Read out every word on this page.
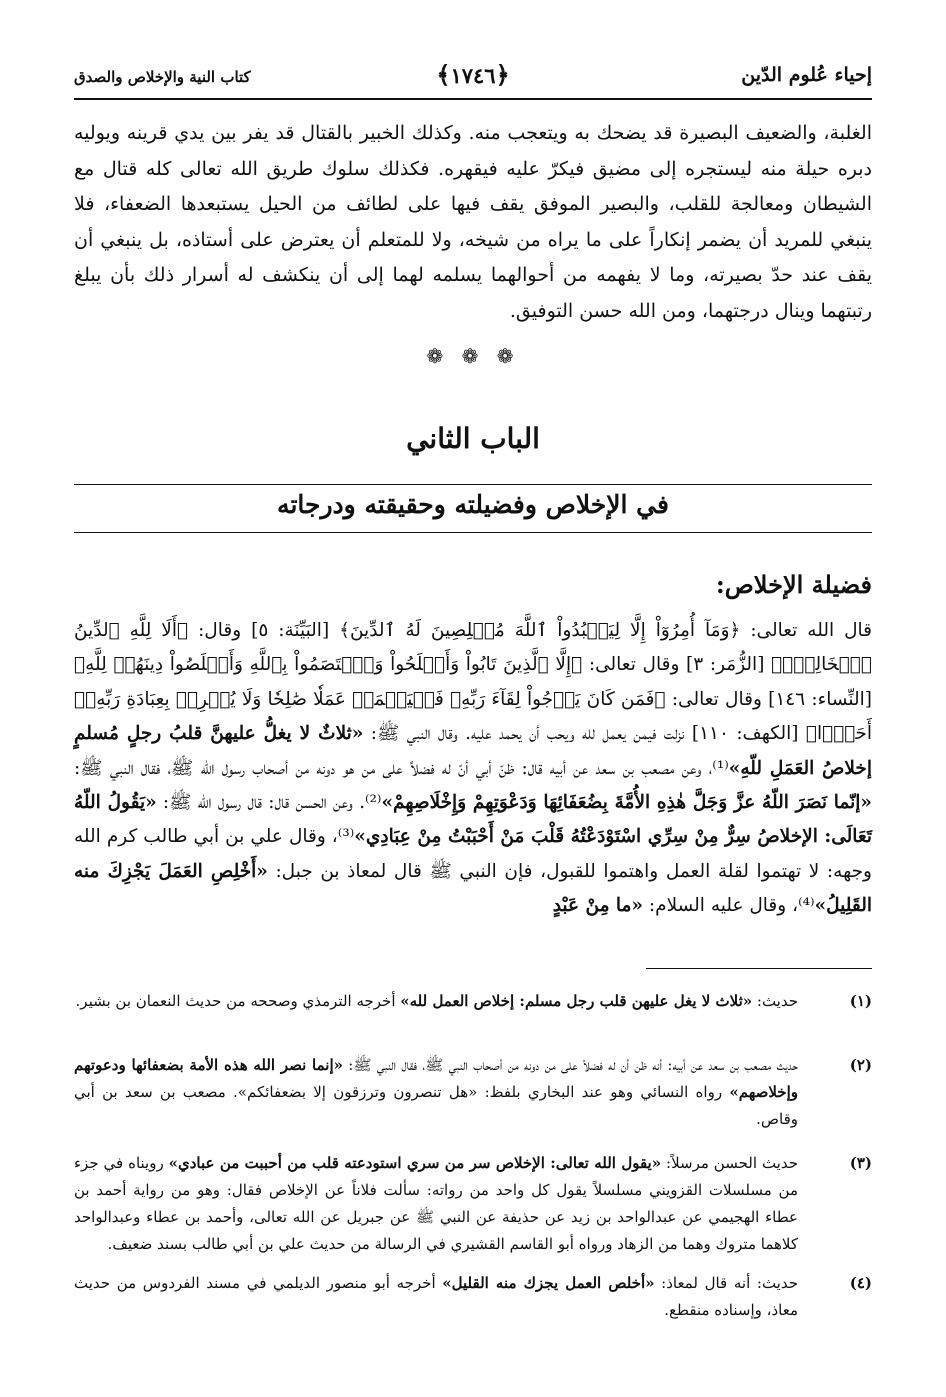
إحياء عُلوم الدّين
﴿١٧٤٦﴾
كتاب النية والإخلاص والصدق
الغلبة، والضعيف البصيرة قد يضحك به ويتعجب منه. وكذلك الخبير بالقتال قد يفر بين يدي قرينه ويوليه دبره حيلة منه ليستجره إلى مضيق فيكرّ عليه فيقهره. فكذلك سلوك طريق الله تعالى كله قتال مع الشيطان ومعالجة للقلب، والبصير الموفق يقف فيها على لطائف من الحيل يستبعدها الضعفاء، فلا ينبغي للمريد أن يضمر إنكاراً على ما يراه من شيخه، ولا للمتعلم أن يعترض على أستاذه، بل ينبغي أن يقف عند حدّ بصيرته، وما لا يفهمه من أحوالهما يسلمه لهما إلى أن ينكشف له أسرار ذلك بأن يبلغ رتبتهما وينال درجتهما، ومن الله حسن التوفيق.
❁ ❁ ❁
الباب الثاني
في الإخلاص وفضيلته وحقيقته ودرجاته
فضيلة الإخلاص:
قال الله تعالى: ﴿وَمَآ أُمِرُوٓاْ إِلَّا لِيَعۡبُدُواْ ٱللَّهَ مُخۡلِصِينَ لَهُ ٱلدِّينَ﴾ [البَيِّنَة: ٥] وقال: ﴿أَلَا لِلَّهِ ٱلدِّينُ ٱلۡخَالِصُۚ﴾ [الزُّمَر: ٣] وقال تعالى: ﴿إِلَّا ٱلَّذِينَ تَابُواْ وَأَصۡلَحُواْ وَٱعۡتَصَمُواْ بِٱللَّهِ وَأَخۡلَصُواْ دِينَهُمۡ لِلَّهِ﴾ [النِّساء: ١٤٦] وقال تعالى: ﴿فَمَن كَانَ يَرۡجُواْ لِقَآءَ رَبِّهِۦ فَلۡيَعۡمَلۡ عَمَلٗا صَٰلِحٗا وَلَا يُشۡرِكۡ بِعِبَادَةِ رَبِّهِۦٓ أَحَدَۢا﴾ [الكهف: ١١٠] نزلت فيمن يعمل لله ويحب أن يحمد عليه. وقال النبي ﷺ: «ثلاثٌ لا يغلُّ عليهنَّ قلبُ رجلٍ مُسلمٍ إخلاصُ العَمَلِ للّهِ»⁽¹⁾، وعن مصعب بن سعد عن أبيه قال: ظنّ أبي أنّ له فضلاً على من هو دونه من أصحاب رسول الله ﷺ، فقال النبي ﷺ: «إنّما نَصَرَ اللّهُ عزَّ وَجَلَّ هٰذِهِ الأُمَّةَ بِضُعَفَائِهَا وَدَعْوَتِهِمْ وَإِخْلَاصِهِمْ»⁽²⁾. وعن الحسن قال: قال رسول الله ﷺ: «يَقُولُ اللّهُ تَعَالَى: الإخلاصُ سِرٌّ مِنْ سِرِّي اسْتَوْدَعْتُهُ قَلْبَ مَنْ أَحْبَبْتُ مِنْ عِبَادِي»⁽³⁾، وقال علي بن أبي طالب كرم الله وجهه: لا تهتموا لقلة العمل واهتموا للقبول، فإن النبي ﷺ قال لمعاذ بن جبل: «أَخْلِصِ العَمَلَ يَجْزِكَ منه القَلِيلُ»⁽⁴⁾، وقال عليه السلام: «ما مِنْ عَبْدٍ
(١)
حديث: «ثلاث لا يغل عليهن قلب رجل مسلم: إخلاص العمل لله» أخرجه الترمذي وصححه من حديث النعمان بن بشير.
(٢)
حديث مصعب بن سعد عن أبيه: أنه ظن أن له فضلاً على من دونه من أصحاب النبي ﷺ، فقال النبي ﷺ: «إنما نصر الله هذه الأمة بضعفائها ودعوتهم وإخلاصهم» رواه النسائي وهو عند البخاري بلفظ: «هل تنصرون وترزقون إلا بضعفائكم». مصعب بن سعد بن أبي وقاص.
(٣)
حديث الحسن مرسلاً: «يقول الله تعالى: الإخلاص سر من سري استودعته قلب من أحببت من عبادي» رويناه في جزء من مسلسلات القزويني مسلسلاً يقول كل واحد من رواته: سألت فلاناً عن الإخلاص فقال: وهو من رواية أحمد بن عطاء الهجيمي عن عبدالواحد بن زيد عن حذيفة عن النبي ﷺ عن جبريل عن الله تعالى، وأحمد بن عطاء وعبدالواحد كلاهما متروك وهما من الزهاد ورواه أبو القاسم القشيري في الرسالة من حديث علي بن أبي طالب بسند ضعيف.
(٤)
حديث: أنه قال لمعاذ: «أخلص العمل يجزك منه القليل» أخرجه أبو منصور الديلمي في مسند الفردوس من حديث معاذ، وإسناده منقطع.
